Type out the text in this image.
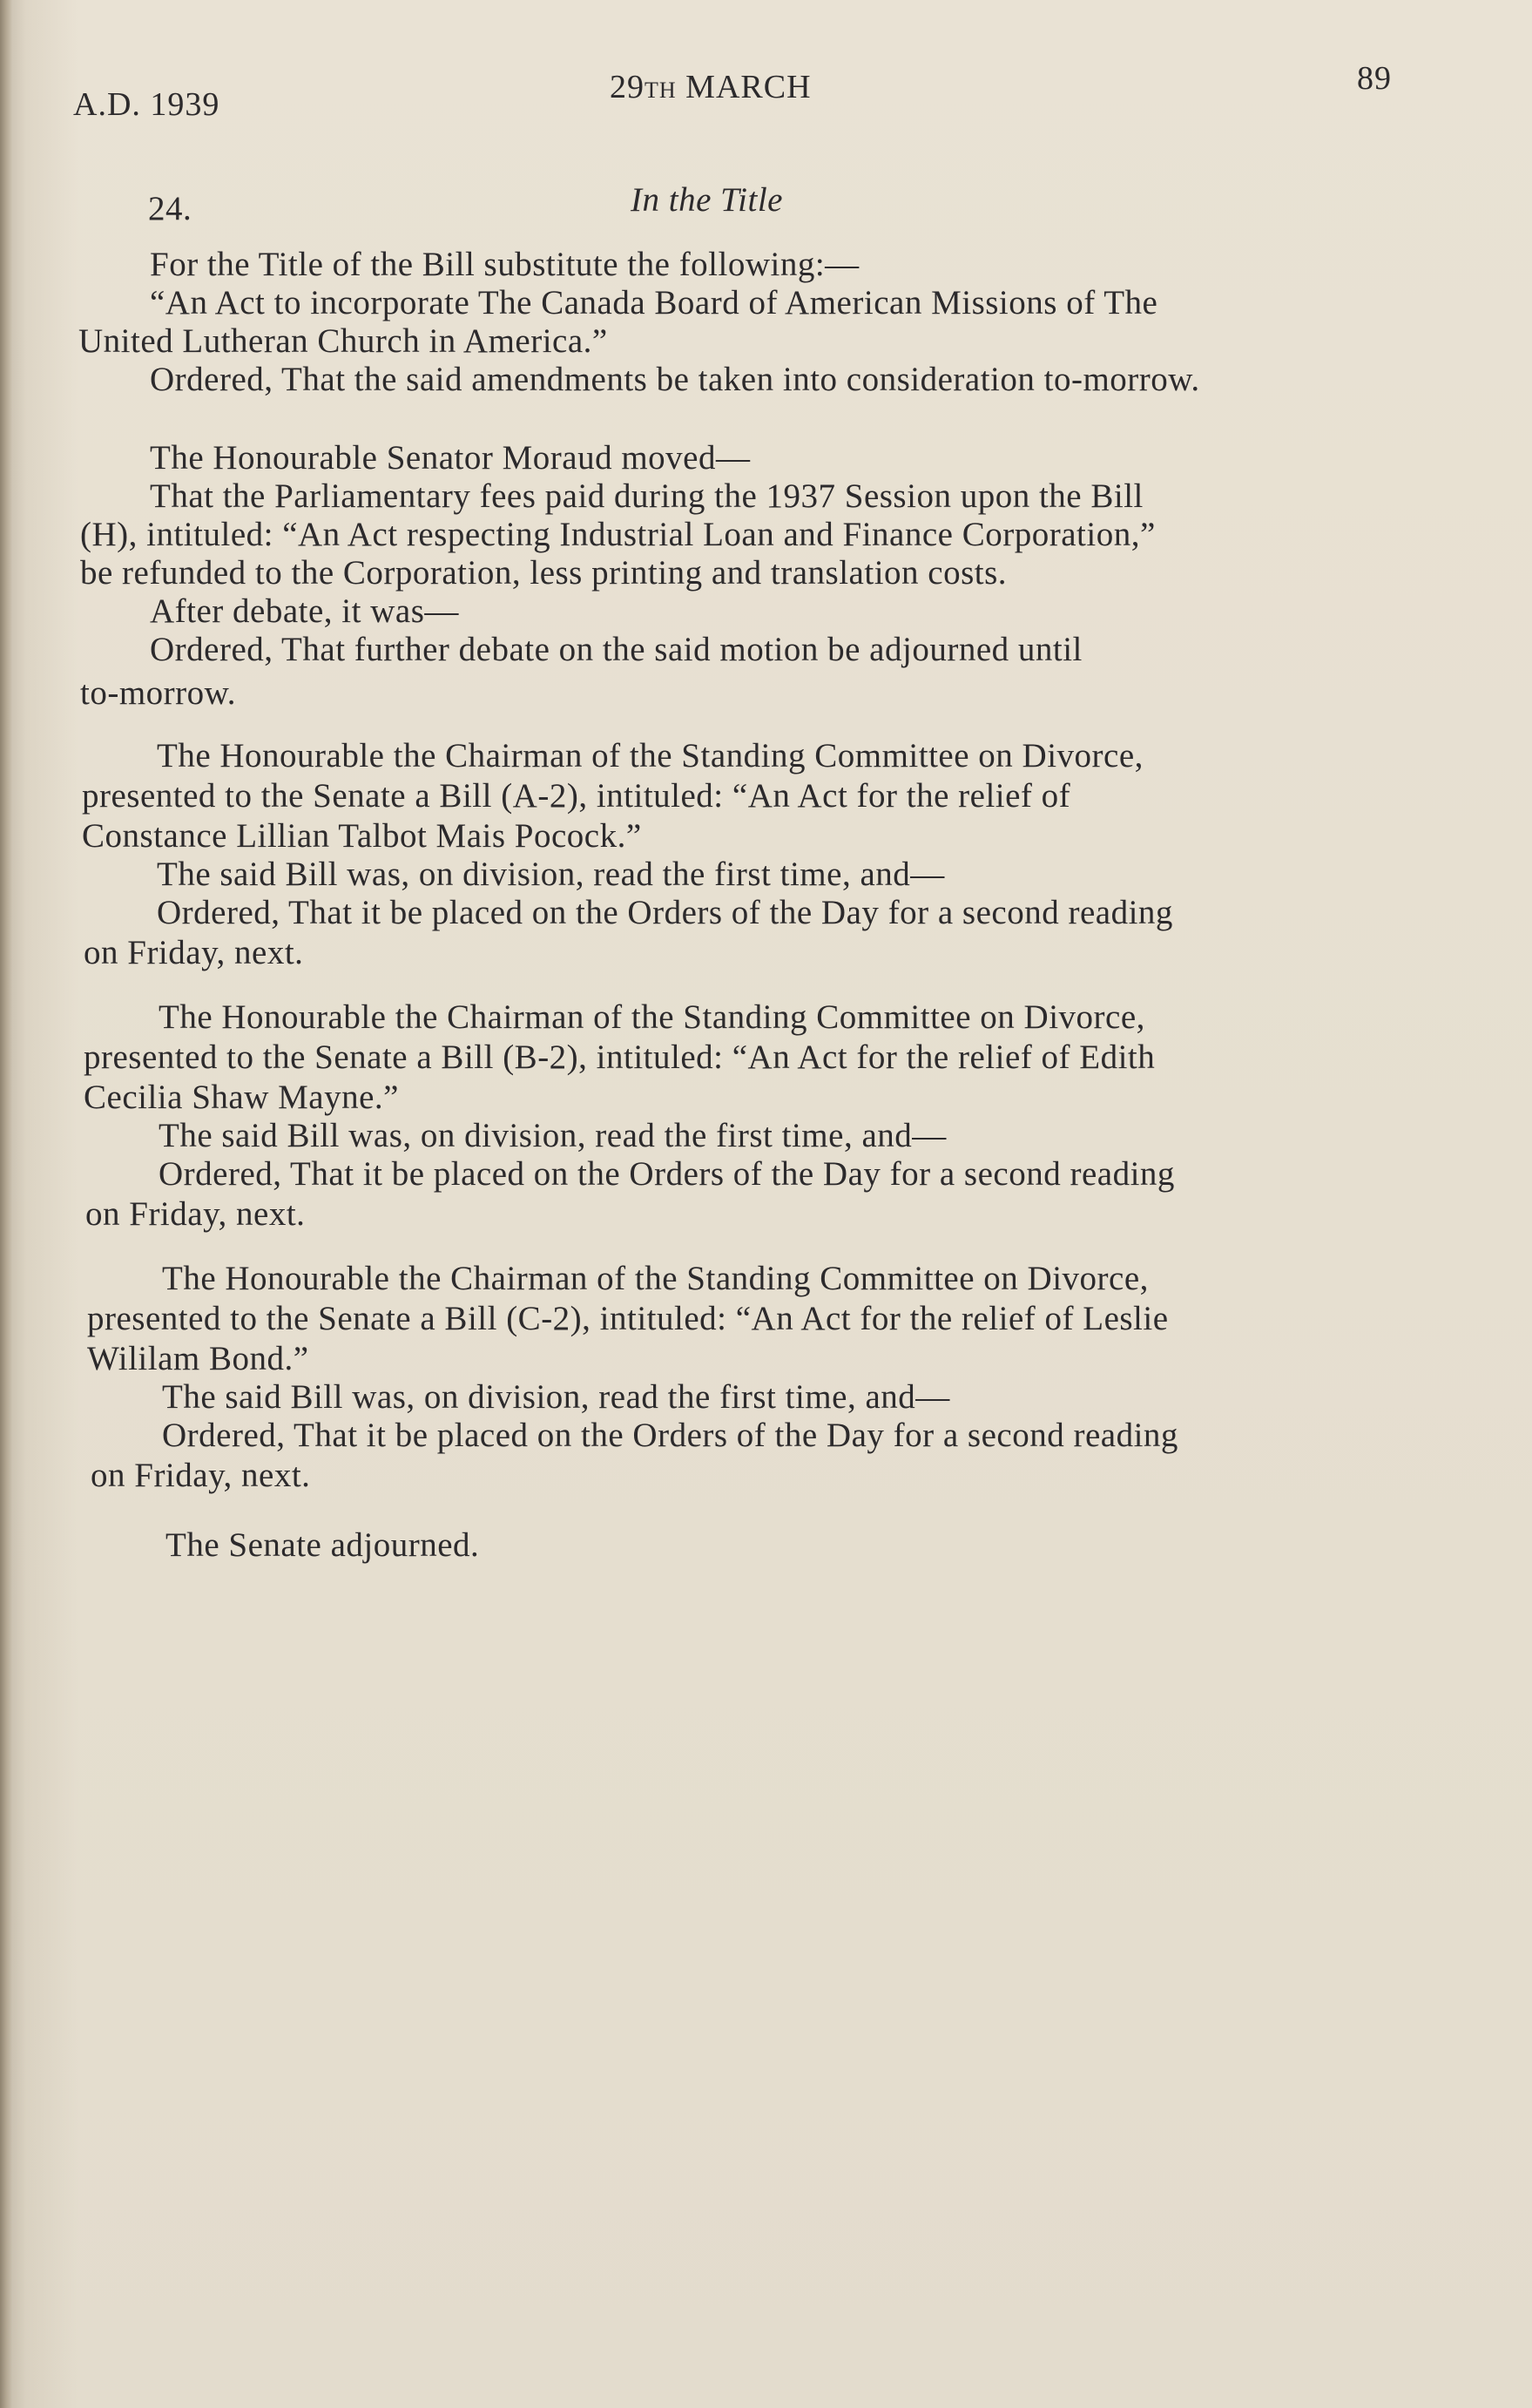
A.D. 1939	29TH MARCH	89
24.	In the Title
For the Title of the Bill substitute the following:—
“An Act to incorporate The Canada Board of American Missions of The
United Lutheran Church in America.”
Ordered, That the said amendments be taken into consideration to-morrow.
The Honourable Senator Moraud moved—
That the Parliamentary fees paid during the 1937 Session upon the Bill
(H), intituled: “An Act respecting Industrial Loan and Finance Corporation,”
be refunded to the Corporation, less printing and translation costs.
After debate, it was—
Ordered, That further debate on the said motion be adjourned until
to-morrow.
The Honourable the Chairman of the Standing Committee on Divorce,
presented to the Senate a Bill (A-2), intituled: “An Act for the relief of
Constance Lillian Talbot Mais Pocock.”
The said Bill was, on division, read the first time, and—
Ordered, That it be placed on the Orders of the Day for a second reading
on Friday, next.
The Honourable the Chairman of the Standing Committee on Divorce,
presented to the Senate a Bill (B-2), intituled: “An Act for the relief of Edith
Cecilia Shaw Mayne.”
The said Bill was, on division, read the first time, and—
Ordered, That it be placed on the Orders of the Day for a second reading
on Friday, next.
The Honourable the Chairman of the Standing Committee on Divorce,
presented to the Senate a Bill (C-2), intituled: “An Act for the relief of Leslie
Wililam Bond.”
The said Bill was, on division, read the first time, and—
Ordered, That it be placed on the Orders of the Day for a second reading
on Friday, next.
The Senate adjourned.
